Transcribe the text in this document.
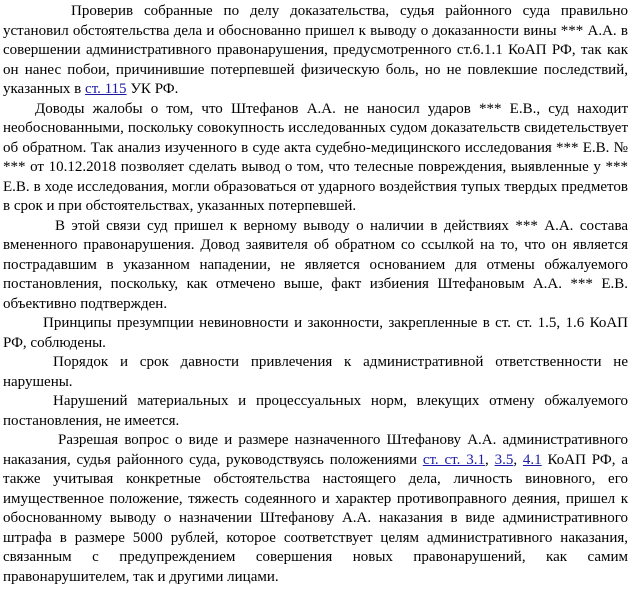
Проверив собранные по делу доказательства, судья районного суда правильно установил обстоятельства дела и обоснованно пришел к выводу о доказанности вины *** А.А. в совершении административного правонарушения, предусмотренного ст.6.1.1 КоАП РФ, так как он нанес побои, причинившие потерпевшей физическую боль, но не повлекшие последствий, указанных в ст. 115 УК РФ.

Доводы жалобы о том, что Штефанов А.А. не наносил ударов *** Е.В., суд находит необоснованными, поскольку совокупность исследованных судом доказательств свидетельствует об обратном. Так анализ изученного в суде акта судебно-медицинского исследования *** Е.В. № *** от 10.12.2018 позволяет сделать вывод о том, что телесные повреждения, выявленные у *** Е.В. в ходе исследования, могли образоваться от ударного воздействия тупых твердых предметов в срок и при обстоятельствах, указанных потерпевшей.

В этой связи суд пришел к верному выводу о наличии в действиях *** А.А. состава вмененного правонарушения. Довод заявителя об обратном со ссылкой на то, что он является пострадавшим в указанном нападении, не является основанием для отмены обжалуемого постановления, поскольку, как отмечено выше, факт избиения Штефановым А.А. *** Е.В. объективно подтвержден.

Принципы презумпции невиновности и законности, закрепленные в ст. ст. 1.5, 1.6 КоАП РФ, соблюдены.

Порядок и срок давности привлечения к административной ответственности не нарушены.

Нарушений материальных и процессуальных норм, влекущих отмену обжалуемого постановления, не имеется.

Разрешая вопрос о виде и размере назначенного Штефанову А.А. административного наказания, судья районного суда, руководствуясь положениями ст. ст. 3.1, 3.5, 4.1 КоАП РФ, а также учитывая конкретные обстоятельства настоящего дела, личность виновного, его имущественное положение, тяжесть содеянного и характер противоправного деяния, пришел к обоснованному выводу о назначении Штефанову А.А. наказания в виде административного штрафа в размере 5000 рублей, которое соответствует целям административного наказания, связанным с предупреждением совершения новых правонарушений, как самим правонарушителем, так и другими лицами.
